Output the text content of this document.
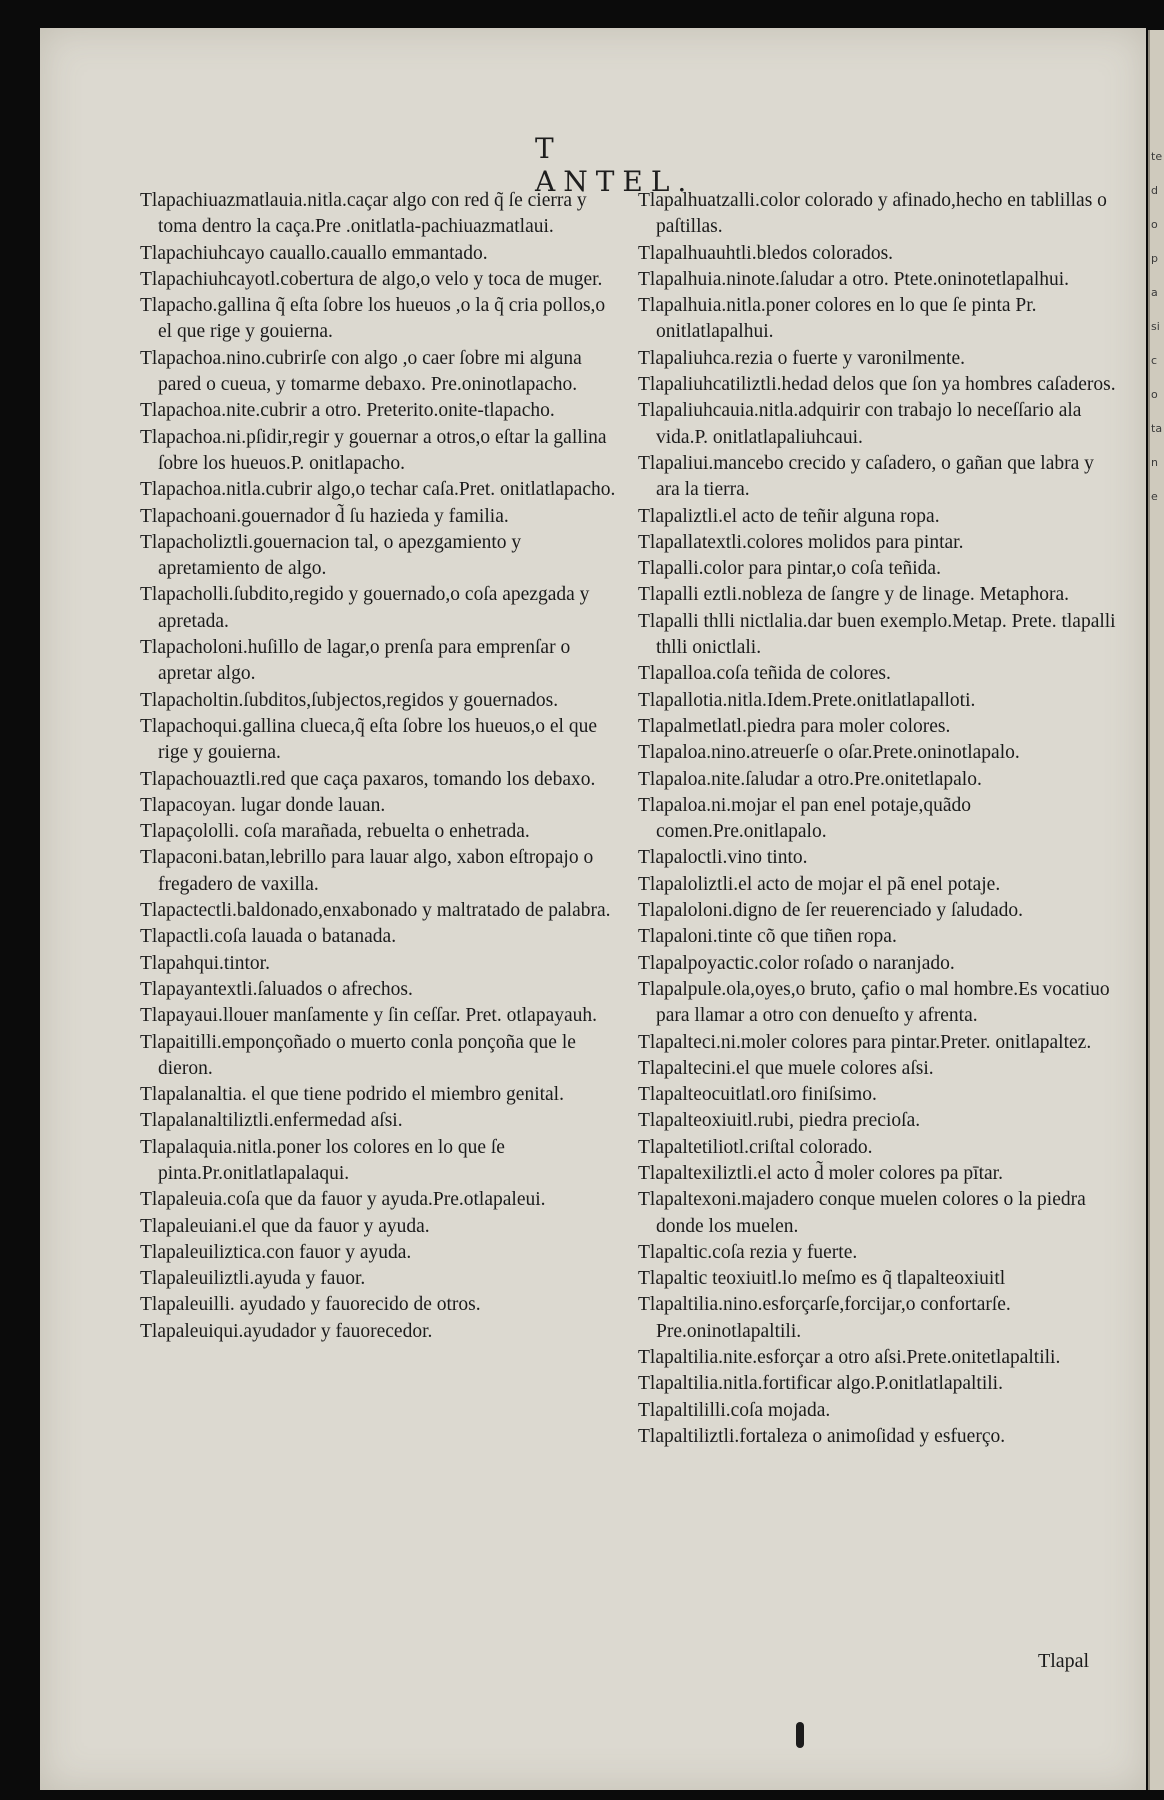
te do pa si co ta ne
T ANTEL.

Tlapachiuazmatlauia.nitla.caçar algo con red q̃ ſe cierra y toma dentro la caça.Pre .onitlatla-pachiuazmatlaui.

Tlapachiuhcayo cauallo.cauallo emmantado.

Tlapachiuhcayotl.cobertura de algo,o velo y toca de muger.

Tlapacho.gallina q̃ eſta ſobre los hueuos ,o la q̃ cria pollos,o el que rige y gouierna.

Tlapachoa.nino.cubrirſe con algo ,o caer ſobre mi alguna pared o cueua, y tomarme debaxo. Pre.oninotlapacho.

Tlapachoa.nite.cubrir a otro. Preterito.onite-tlapacho.

Tlapachoa.ni.pſidir,regir y gouernar a otros,o eſtar la gallina ſobre los hueuos.P. onitlapacho.

Tlapachoa.nitla.cubrir algo,o techar caſa.Pret. onitlatlapacho.

Tlapachoani.gouernador d̃ ſu hazieda y familia.

Tlapacholiztli.gouernacion tal, o apezgamiento y apretamiento de algo.

Tlapacholli.ſubdito,regido y gouernado,o coſa apezgada y apretada.

Tlapacholoni.huſillo de lagar,o prenſa para emprenſar o apretar algo.

Tlapacholtin.ſubditos,ſubjectos,regidos y gouernados.

Tlapachoqui.gallina clueca,q̃ eſta ſobre los hueuos,o el que rige y gouierna.

Tlapachouaztli.red que caça paxaros, tomando los debaxo.

Tlapacoyan. lugar donde lauan.

Tlapaçololli. coſa marañada, rebuelta o enhetrada.

Tlapaconi.batan,lebrillo para lauar algo, xabon eſtropajo o fregadero de vaxilla.

Tlapactectli.baldonado,enxabonado y maltratado de palabra.

Tlapactli.coſa lauada o batanada.

Tlapahqui.tintor.

Tlapayantextli.ſaluados o afrechos.

Tlapayaui.llouer manſamente y ſin ceſſar. Pret. otlapayauh.

Tlapaitilli.emponçoñado o muerto conla ponçoña que le dieron.

Tlapalanaltia. el que tiene podrido el miembro genital.

Tlapalanaltiliztli.enfermedad aſsi.

Tlapalaquia.nitla.poner los colores en lo que ſe pinta.Pr.onitlatlapalaqui.

Tlapaleuia.coſa que da fauor y ayuda.Pre.otlapaleui.

Tlapaleuiani.el que da fauor y ayuda.

Tlapaleuiliztica.con fauor y ayuda.

Tlapaleuiliztli.ayuda y fauor.

Tlapaleuilli. ayudado y fauorecido de otros.

Tlapaleuiqui.ayudador y fauorecedor.

Tlapalhuatzalli.color colorado y afinado,hecho en tablillas o paſtillas.

Tlapalhuauhtli.bledos colorados.

Tlapalhuia.ninote.ſaludar a otro. Ptete.oninotetlapalhui.

Tlapalhuia.nitla.poner colores en lo que ſe pinta Pr. onitlatlapalhui.

Tlapaliuhca.rezia o fuerte y varonilmente.

Tlapaliuhcatiliztli.hedad delos que ſon ya hombres caſaderos.

Tlapaliuhcauia.nitla.adquirir con trabajo lo neceſſario ala vida.P. onitlatlapaliuhcaui.

Tlapaliui.mancebo crecido y caſadero, o gañan que labra y ara la tierra.

Tlapaliztli.el acto de teñir alguna ropa.

Tlapallatextli.colores molidos para pintar.

Tlapalli.color para pintar,o coſa teñida.

Tlapalli eztli.nobleza de ſangre y de linage. Metaphora.

Tlapalli thlli nictlalia.dar buen exemplo.Metap. Prete. tlapalli thlli onictlali.

Tlapalloa.coſa teñida de colores.

Tlapallotia.nitla.Idem.Prete.onitlatlapalloti.

Tlapalmetlatl.piedra para moler colores.

Tlapaloa.nino.atreuerſe o oſar.Prete.oninotlapalo.

Tlapaloa.nite.ſaludar a otro.Pre.onitetlapalo.

Tlapaloa.ni.mojar el pan enel potaje,quãdo comen.Pre.onitlapalo.

Tlapaloctli.vino tinto.

Tlapaloliztli.el acto de mojar el pã enel potaje.

Tlapaloloni.digno de ſer reuerenciado y ſaludado.

Tlapaloni.tinte cõ que tiñen ropa.

Tlapalpoyactic.color roſado o naranjado.

Tlapalpule.ola,oyes,o bruto, çafio o mal hombre.Es vocatiuo para llamar a otro con denueſto y afrenta.

Tlapalteci.ni.moler colores para pintar.Preter. onitlapaltez.

Tlapaltecini.el que muele colores aſsi.

Tlapalteocuitlatl.oro finiſsimo.

Tlapalteoxiuitl.rubi, piedra precioſa.

Tlapaltetiliotl.criſtal colorado.

Tlapaltexiliztli.el acto d̃ moler colores pa pītar.

Tlapaltexoni.majadero conque muelen colores o la piedra donde los muelen.

Tlapaltic.coſa rezia y fuerte.

Tlapaltic teoxiuitl.lo meſmo es q̃ tlapalteoxiuitl

Tlapaltilia.nino.esforçarſe,forcijar,o confortarſe. Pre.oninotlapaltili.

Tlapaltilia.nite.esforçar a otro aſsi.Prete.onitetlapaltili.

Tlapaltilia.nitla.fortificar algo.P.onitlatlapaltili.

Tlapaltililli.coſa mojada.

Tlapaltiliztli.fortaleza o animoſidad y esfuerço.

Tlapal
